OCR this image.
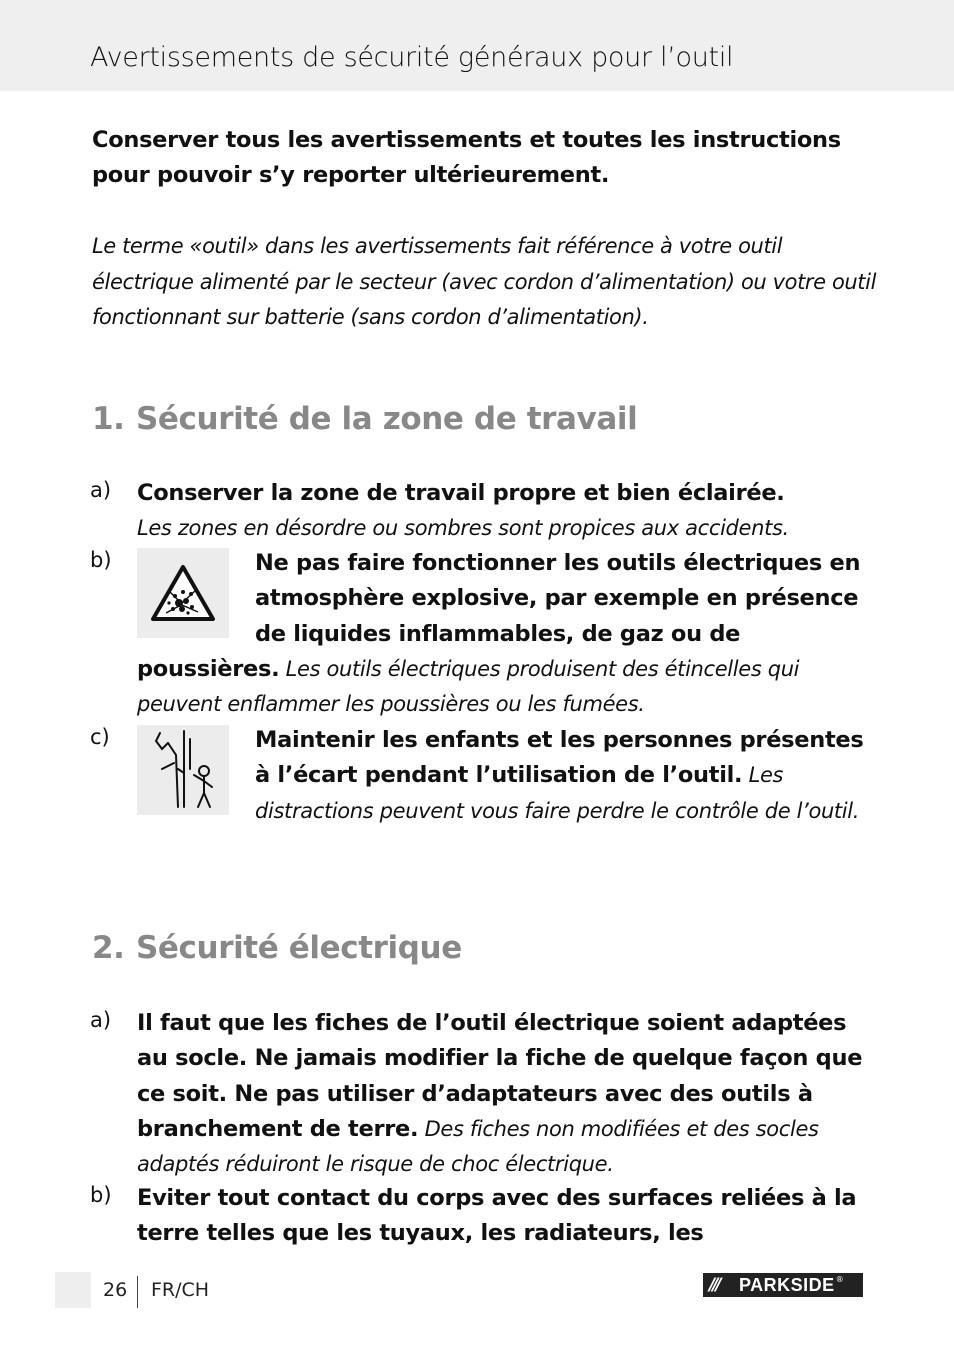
Avertissements de sécurité généraux pour l’outil
Conserver tous les avertissements et toutes les instructions pour pouvoir s’y reporter ultérieurement.
Le terme «outil» dans les avertissements fait référence à votre outil électrique alimenté par le secteur (avec cordon d’alimentation) ou votre outil fonctionnant sur batterie (sans cordon d’alimentation).
1. Sécurité de la zone de travail
a) Conserver la zone de travail propre et bien éclairée.
Les zones en désordre ou sombres sont propices aux accidents.
b)	Ne pas faire fonctionner les outils électriques en atmosphère explosive, par exemple en présence de liquides inflammables, de gaz ou de poussières. Les outils électriques produisent des étincelles qui peuvent enflammer les poussières ou les fumées.
c)	Maintenir les enfants et les personnes présentes à l’écart pendant l’utilisation de l’outil. Les distractions peuvent vous faire perdre le contrôle de l’outil.
2. Sécurité électrique
a) Il faut que les fiches de l’outil électrique soient adaptées au socle. Ne jamais modifier la fiche de quelque façon que ce soit. Ne pas utiliser d’adaptateurs avec des outils à branchement de terre. Des fiches non modifiées et des socles adaptés réduiront le risque de choc électrique.
b) Eviter tout contact du corps avec des surfaces reliées à la terre telles que les tuyaux, les radiateurs, les
26 FR/CH	///	PARKSIDE ®
